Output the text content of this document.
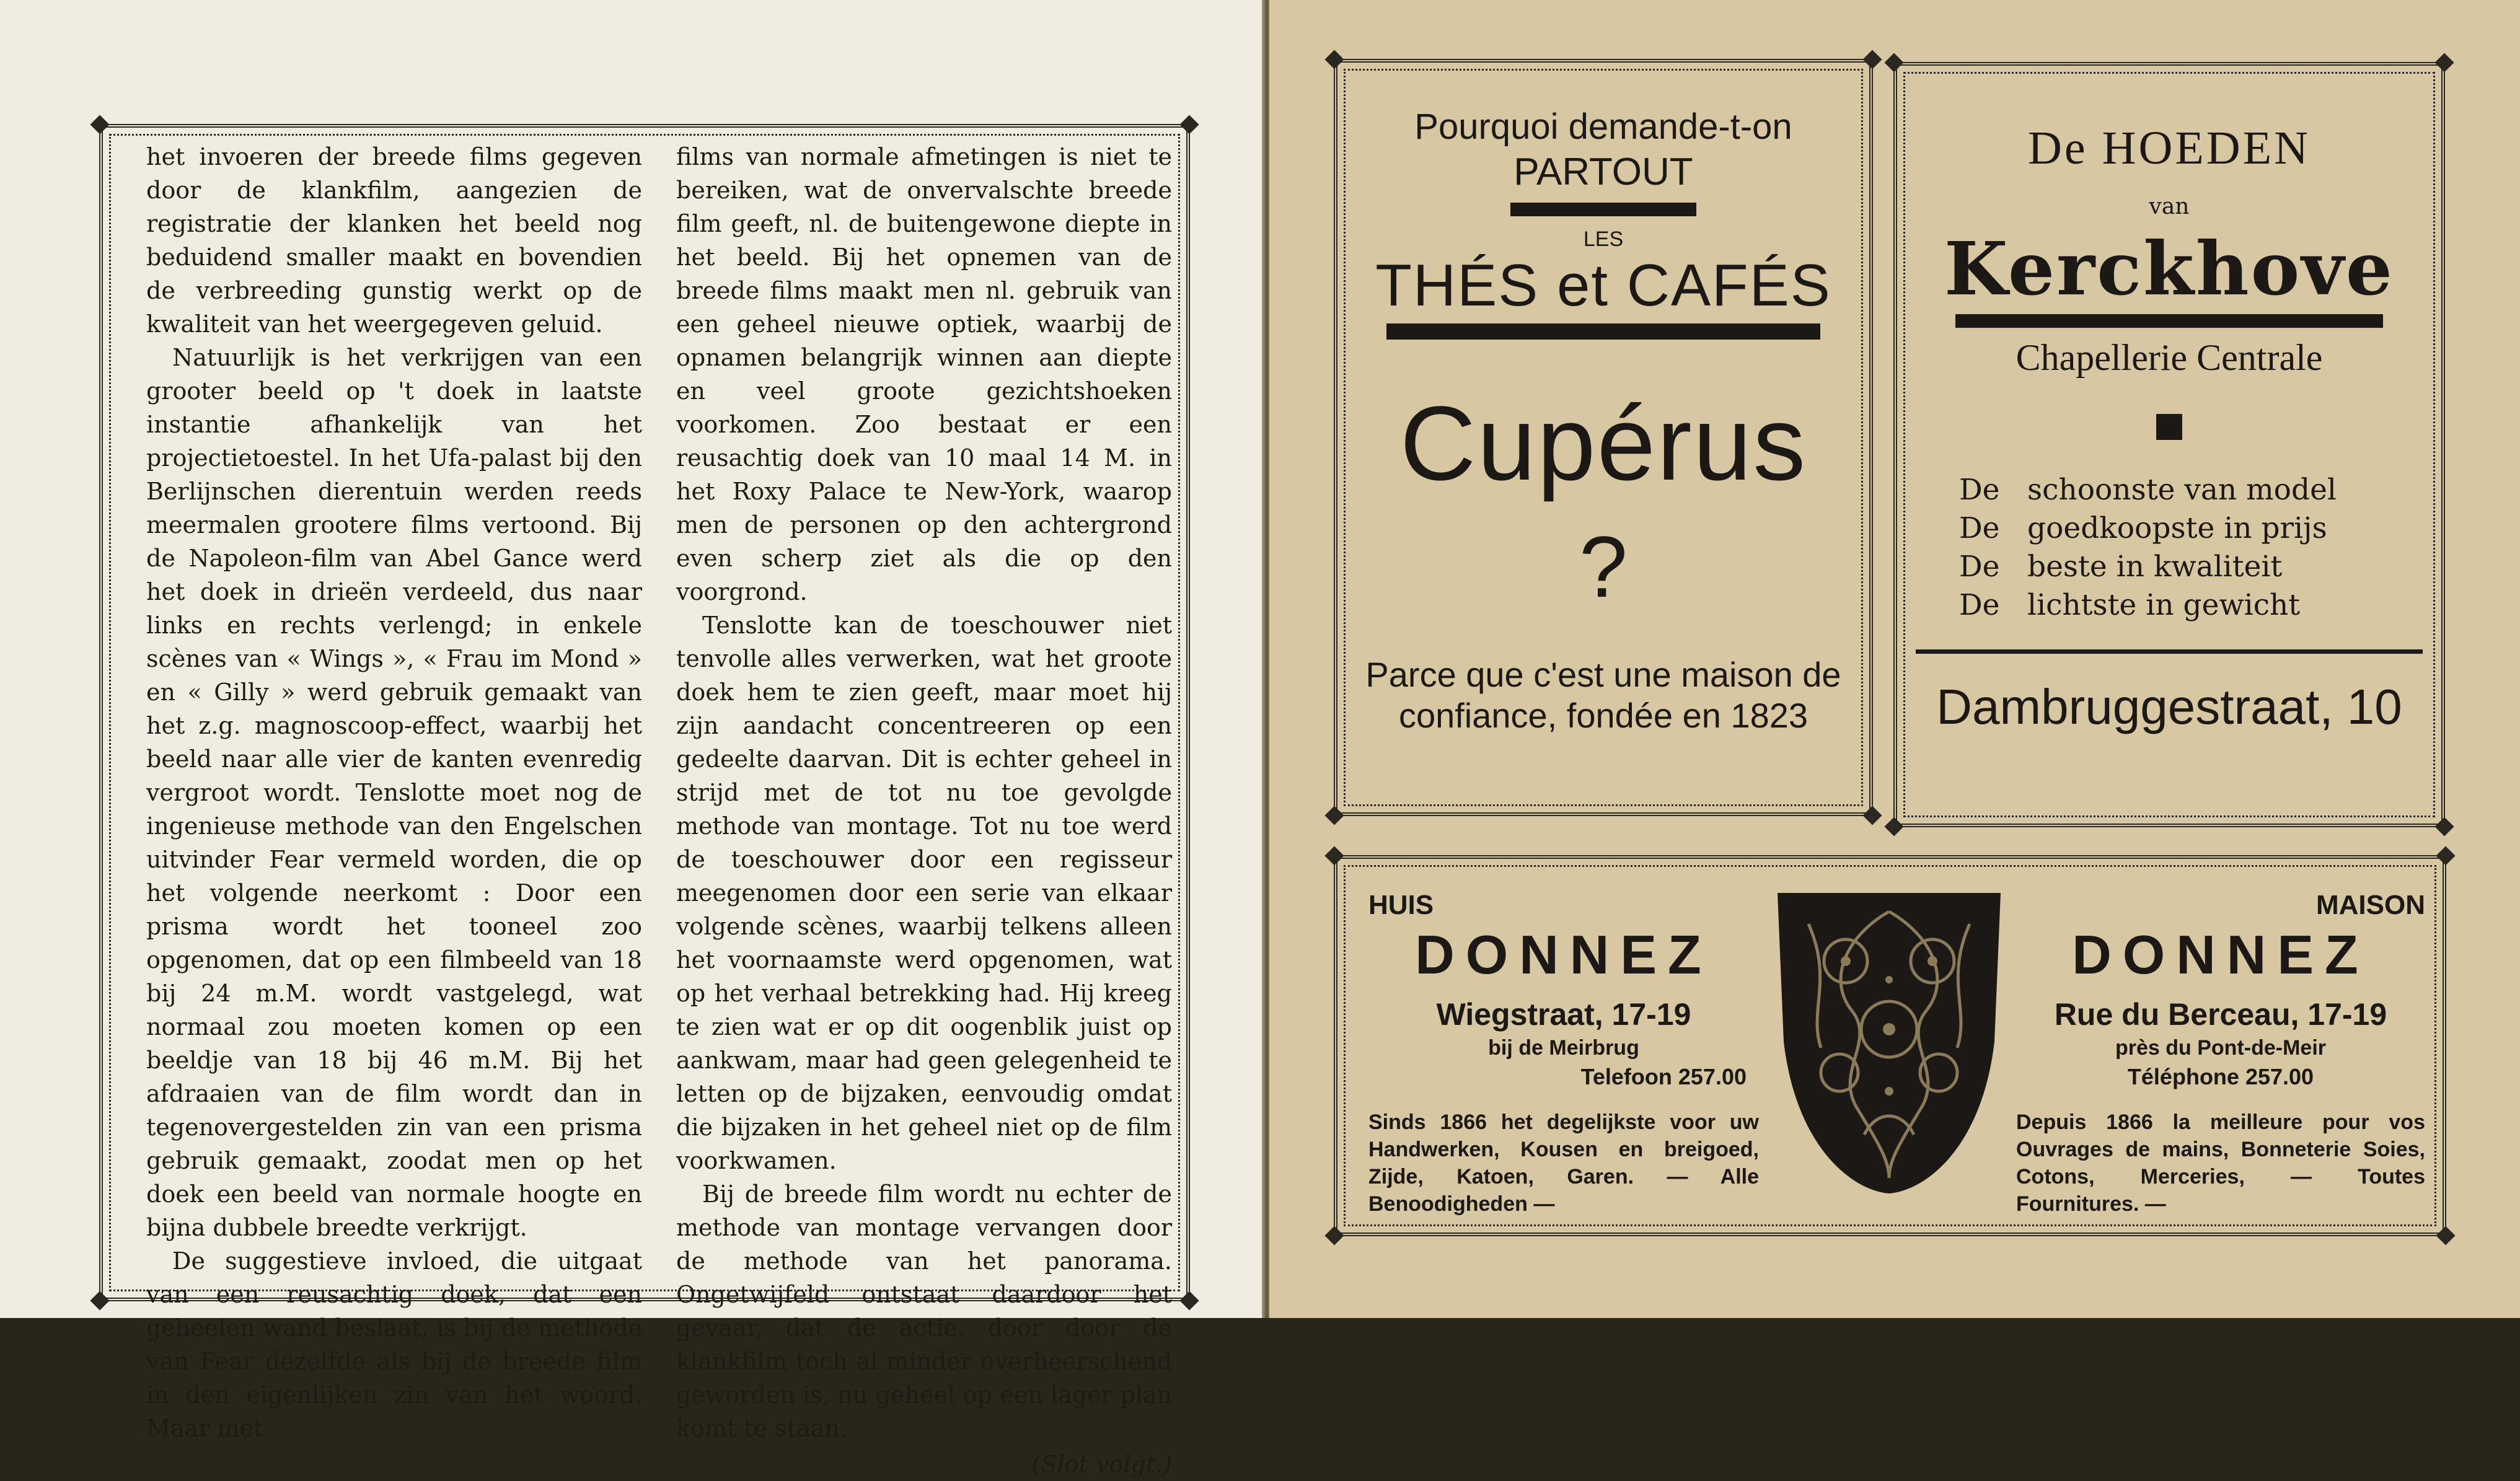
het invoeren der breede films gegeven door de klankfilm, aangezien de registratie der klanken het beeld nog beduidend smaller maakt en bovendien de verbreeding gunstig werkt op de kwaliteit van het weergegeven geluid.

Natuurlijk is het verkrijgen van een grooter beeld op 't doek in laatste instantie afhankelijk van het projectietoestel. In het Ufa-palast bij den Berlijnschen dierentuin werden reeds meermalen grootere films vertoond. Bij de Napoleon-film van Abel Gance werd het doek in drieën verdeeld, dus naar links en rechts verlengd; in enkele scènes van « Wings », « Frau im Mond » en « Gilly » werd gebruik gemaakt van het z.g. magnoscoop-effect, waarbij het beeld naar alle vier de kanten evenredig vergroot wordt. Tenslotte moet nog de ingenieuse methode van den Engelschen uitvinder Fear vermeld worden, die op het volgende neerkomt : Door een prisma wordt het tooneel zoo opgenomen, dat op een filmbeeld van 18 bij 24 m.M. wordt vastgelegd, wat normaal zou moeten komen op een beeldje van 18 bij 46 m.M. Bij het afdraaien van de film wordt dan in tegenovergestelden zin van een prisma gebruik gemaakt, zoodat men op het doek een beeld van normale hoogte en bijna dubbele breedte verkrijgt.

De suggestieve invloed, die uitgaat van een reusachtig doek, dat een geheelen wand beslaat, is bij de methode van Fear dezelfde als bij de breede film in den eigenlijken zin van het woord. Maar met

films van normale afmetingen is niet te bereiken, wat de onvervalschte breede film geeft, nl. de buitengewone diepte in het beeld. Bij het opnemen van de breede films maakt men nl. gebruik van een geheel nieuwe optiek, waarbij de opnamen belangrijk winnen aan diepte en veel groote gezichtshoeken voorkomen. Zoo bestaat er een reusachtig doek van 10 maal 14 M. in het Roxy Palace te New-York, waarop men de personen op den achtergrond even scherp ziet als die op den voorgrond.

Tenslotte kan de toeschouwer niet tenvolle alles verwerken, wat het groote doek hem te zien geeft, maar moet hij zijn aandacht concentreeren op een gedeelte daarvan. Dit is echter geheel in strijd met de tot nu toe gevolgde methode van montage. Tot nu toe werd de toeschouwer door een regisseur meegenomen door een serie van elkaar volgende scènes, waarbij telkens alleen het voornaamste werd opgenomen, wat op het verhaal betrekking had. Hij kreeg te zien wat er op dit oogenblik juist op aankwam, maar had geen gelegenheid te letten op de bijzaken, eenvoudig omdat die bijzaken in het geheel niet op de film voorkwamen.

Bij de breede film wordt nu echter de methode van montage vervangen door de methode van het panorama. Ongetwijfeld ontstaat daardoor het gevaar, dat de actie, door door de klankfilm toch al minder overheerschend geworden is, nu geheel op een lager plan komt te staan.

(Slot volgt.)
Pourquoi demande-t-on
PARTOUT
LES
THÉS et CAFÉS
Cupérus
?
Parce que c'est une maison de confiance, fondée en 1823
De HOEDEN
van
Kerckhove
Chapellerie Centrale
De schoonste van model
De goedkoopste in prijs
De beste in kwaliteit
De lichtste in gewicht
Dambruggestraat, 10
HUIS
DONNEZ
Wiegstraat, 17-19
bij de Meirbrug
Telefoon 257.00
Sinds 1866 het degelijkste voor uw Handwerken, Kousen en breigoed, Zijde, Katoen, Garen. — Alle Benoodigheden —
MAISON
DONNEZ
Rue du Berceau, 17-19
près du Pont-de-Meir
Téléphone 257.00
Depuis 1866 la meilleure pour vos Ouvrages de mains, Bonneterie Soies, Cotons, Merceries, — Toutes Fournitures. —
